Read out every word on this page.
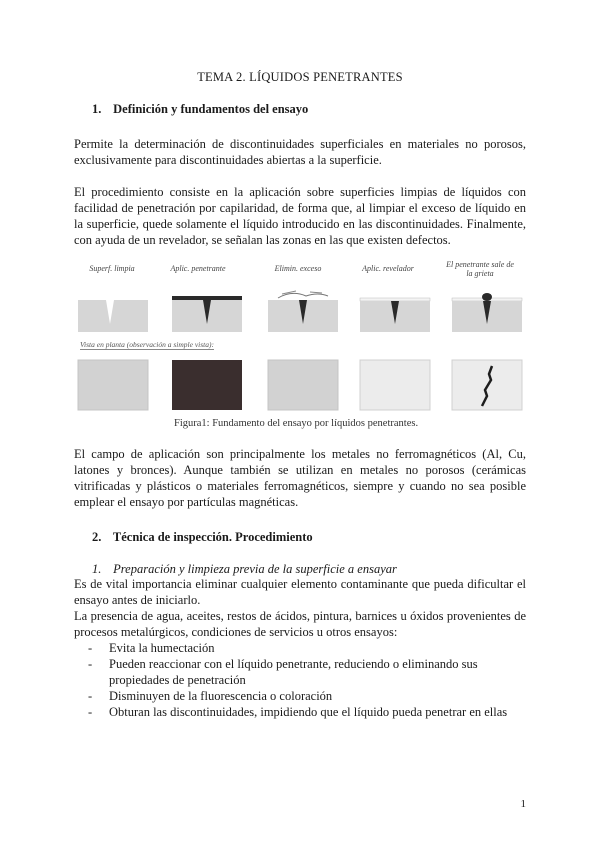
TEMA 2. LÍQUIDOS PENETRANTES
1. Definición y fundamentos del ensayo
Permite la determinación de discontinuidades superficiales en materiales no porosos, exclusivamente para discontinuidades abiertas a la superficie.
El procedimiento consiste en la aplicación sobre superficies limpias de líquidos con facilidad de penetración por capilaridad, de forma que, al limpiar el exceso de líquido en la superficie, quede solamente el líquido introducido en las discontinuidades. Finalmente, con ayuda de un revelador, se señalan las zonas en las que existen defectos.
Superf. limpia	Aplic. penetrante	Elimin. exceso	Aplic. revelador	El penetrante sale de la grieta
Vista en planta (observación a simple vista):
Figura1: Fundamento del ensayo por líquidos penetrantes.
El campo de aplicación son principalmente los metales no ferromagnéticos (Al, Cu, latones y bronces). Aunque también se utilizan en metales no porosos (cerámicas vitrificadas y plásticos o materiales ferromagnéticos, siempre y cuando no sea posible emplear el ensayo por partículas magnéticas.
2. Técnica de inspección. Procedimiento
1. Preparación y limpieza previa de la superficie a ensayar
Es de vital importancia eliminar cualquier elemento contaminante que pueda dificultar el ensayo antes de iniciarlo.
La presencia de agua, aceites, restos de ácidos, pintura, barnices u óxidos provenientes de procesos metalúrgicos, condiciones de servicios u otros ensayos:
- Evita la humectación
- Pueden reaccionar con el líquido penetrante, reduciendo o eliminando sus propiedades de penetración
- Disminuyen de la fluorescencia o coloración
- Obturan las discontinuidades, impidiendo que el líquido pueda penetrar en ellas
1
